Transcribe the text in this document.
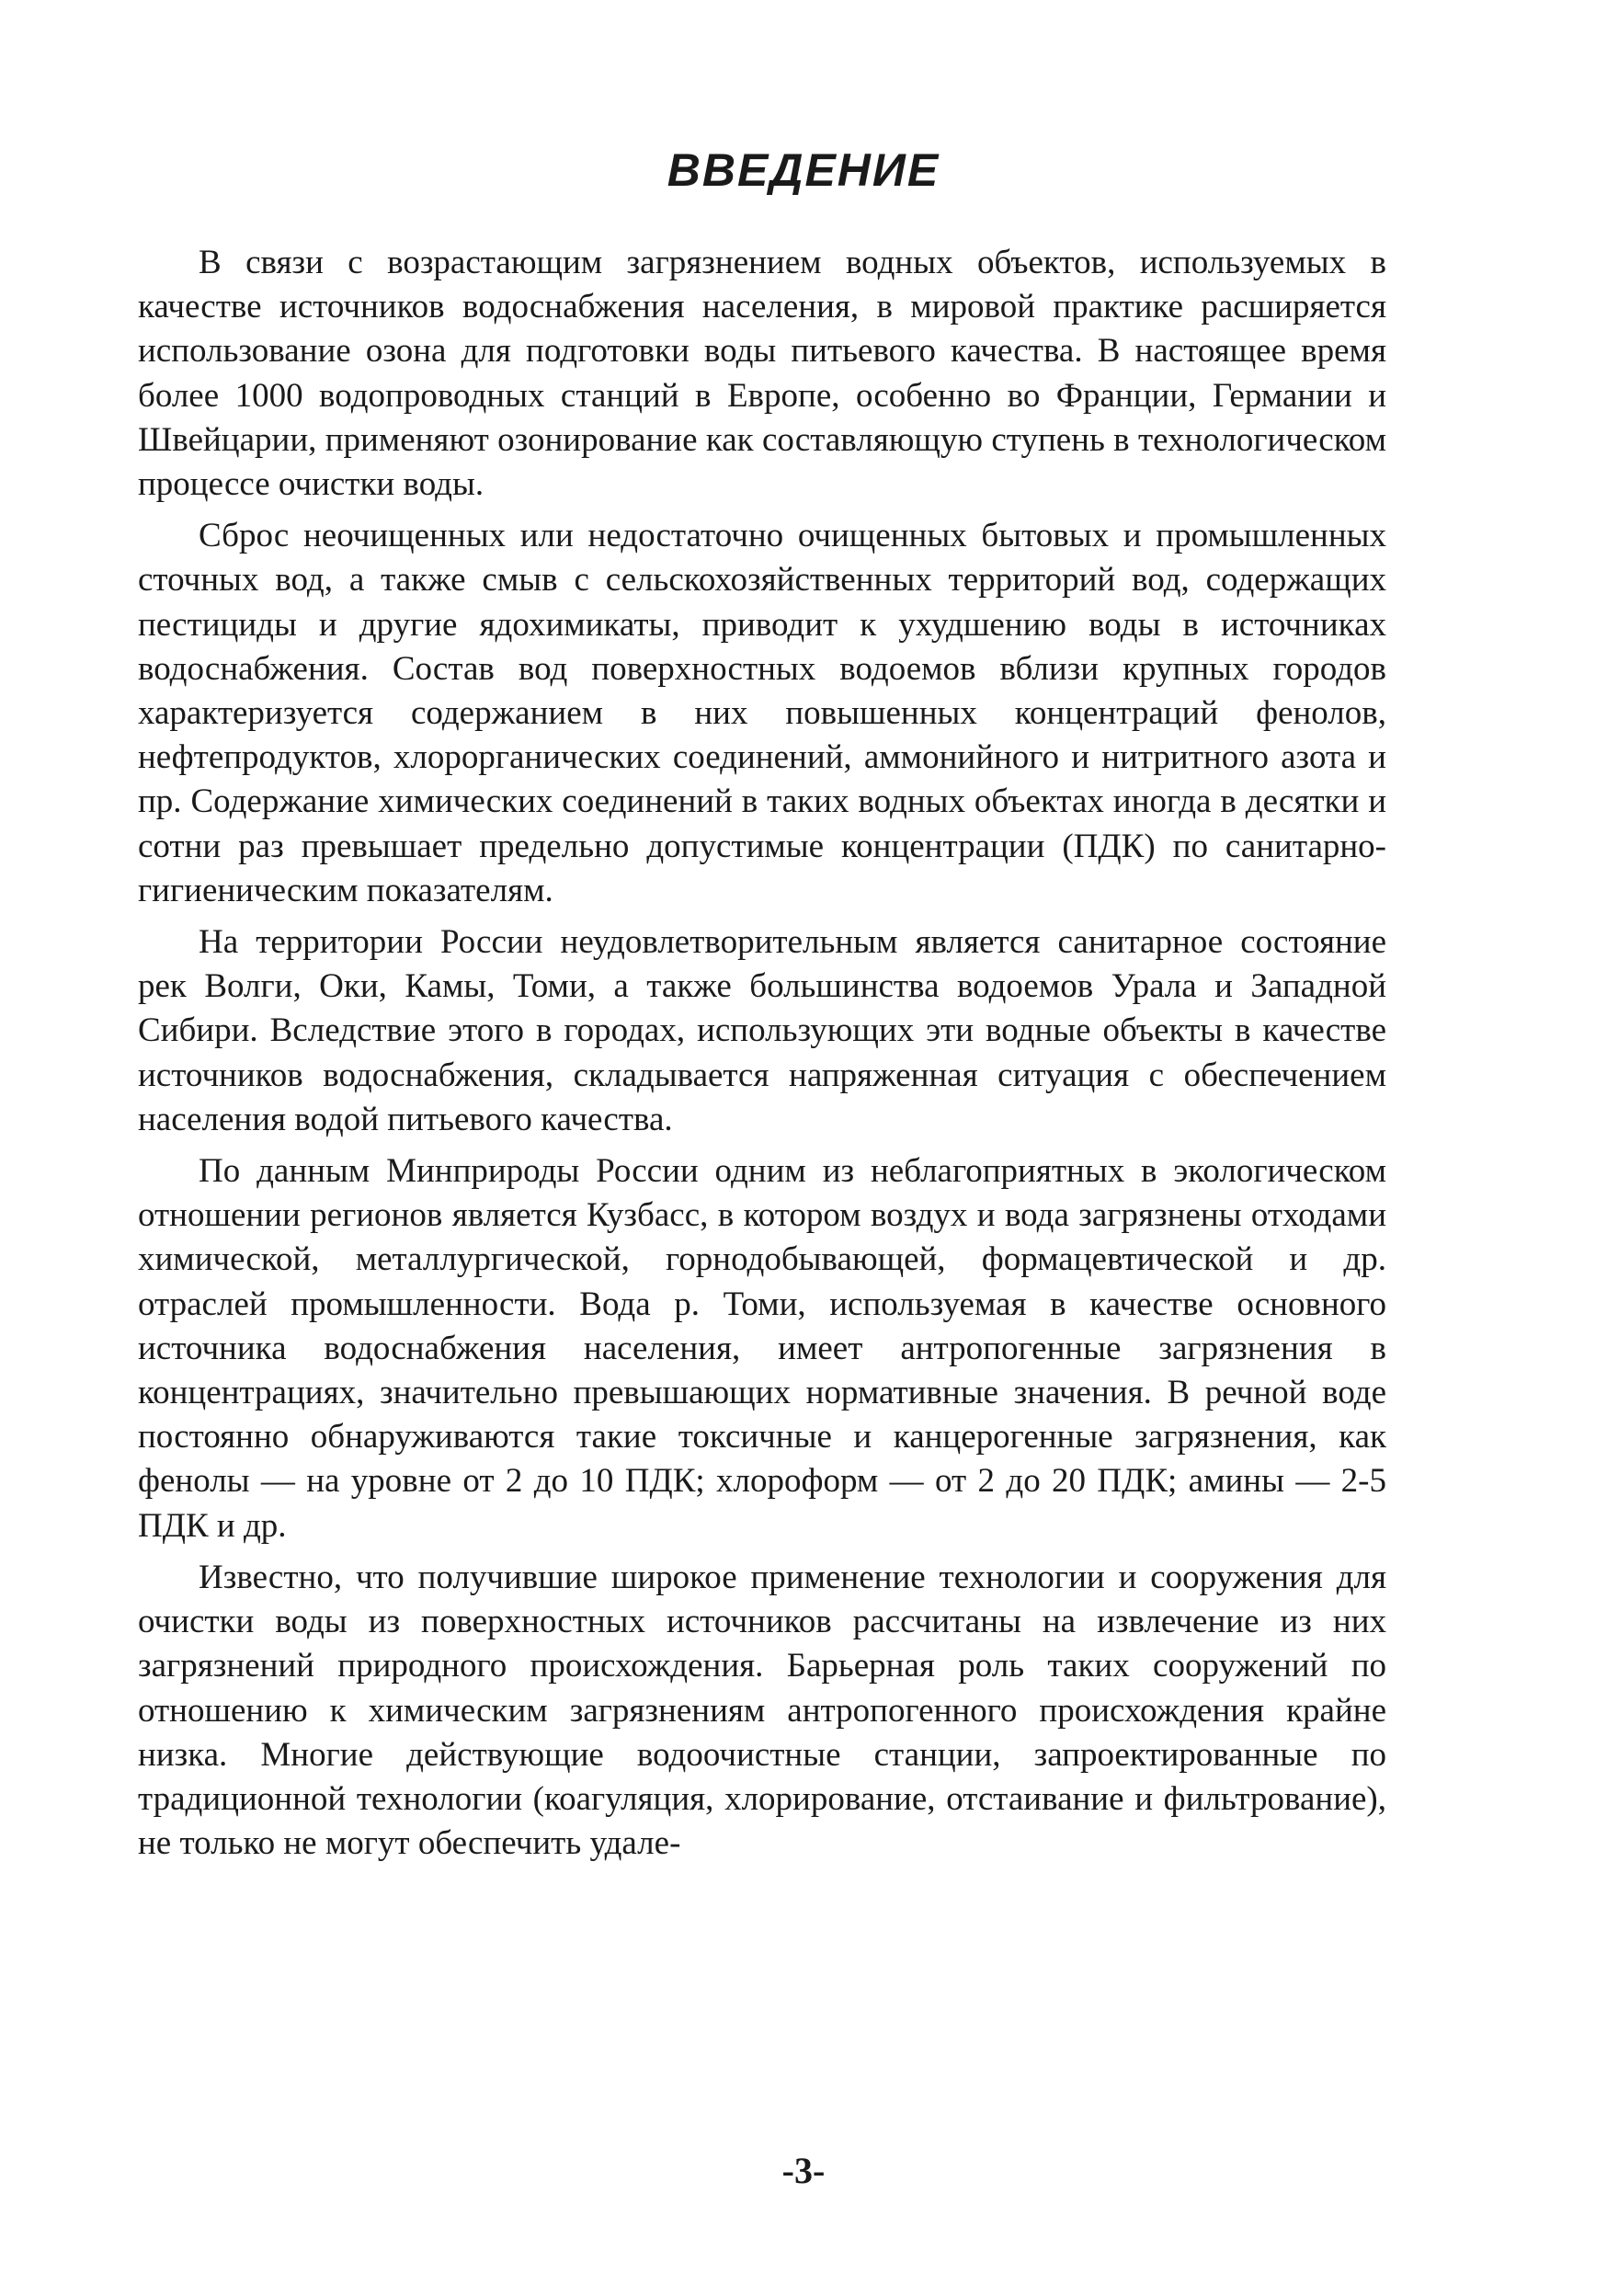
ВВЕДЕНИЕ

В связи с возрастающим загрязнением водных объектов, используемых в качестве источников водоснабжения населения, в мировой практике расширяется использование озона для подготовки воды питьевого качества. В настоящее время более 1000 водопроводных станций в Европе, особенно во Франции, Германии и Швейцарии, применяют озонирование как составляющую ступень в технологическом процессе очистки воды.

Сброс неочищенных или недостаточно очищенных бытовых и промышленных сточных вод, а также смыв с сельскохозяйственных территорий вод, содержащих пестициды и другие ядохимикаты, приводит к ухудшению воды в источниках водоснабжения. Состав вод поверхностных водоемов вблизи крупных городов характеризуется содержанием в них повышенных концентраций фенолов, нефтепродуктов, хлорорганических соединений, аммонийного и нитритного азота и пр. Содержание химических соединений в таких водных объектах иногда в десятки и сотни раз превышает предельно допустимые концентрации (ПДК) по санитарно-гигиеническим показателям.

На территории России неудовлетворительным является санитарное состояние рек Волги, Оки, Камы, Томи, а также большинства водоемов Урала и Западной Сибири. Вследствие этого в городах, использующих эти водные объекты в качестве источников водоснабжения, складывается напряженная ситуация с обеспечением населения водой питьевого качества.

По данным Минприроды России одним из неблагоприятных в экологическом отношении регионов является Кузбасс, в котором воздух и вода загрязнены отходами химической, металлургической, горнодобывающей, формацевтической и др. отраслей промышленности. Вода р. Томи, используемая в качестве основного источника водоснабжения населения, имеет антропогенные загрязнения в концентрациях, значительно превышающих нормативные значения. В речной воде постоянно обнаруживаются такие токсичные и канцерогенные загрязнения, как фенолы — на уровне от 2 до 10 ПДК; хлороформ — от 2 до 20 ПДК; амины — 2-5 ПДК и др.

Известно, что получившие широкое применение технологии и сооружения для очистки воды из поверхностных источников рассчитаны на извлечение из них загрязнений природного происхождения. Барьерная роль таких сооружений по отношению к химическим загрязнениям антропогенного происхождения крайне низка. Многие действующие водоочистные станции, запроектированные по традиционной технологии (коагуляция, хлорирование, отстаивание и фильтрование), не только не могут обеспечить удале-

-3-
